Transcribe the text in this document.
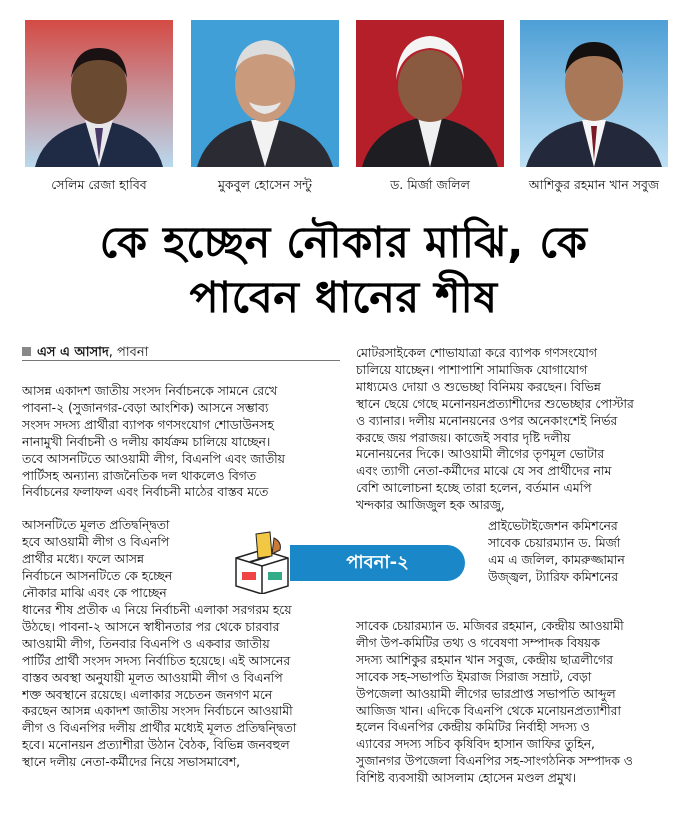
সেলিম রেজা হাবিব	মুকবুল হোসেন সন্টু	ড. মির্জা জলিল	আশিকুর রহমান খান সবুজ
কে হচ্ছেন নৌকার মাঝি, কে
পাবেন ধানের শীষ
এস এ আসাদ, পাবনা
আসন্ন একাদশ জাতীয় সংসদ নির্বাচনকে সামনে রেখে
পাবনা-২ (সুজানগর-বেড়া আংশিক) আসনে সম্ভাব্য
সংসদ সদস্য প্রার্থীরা ব্যাপক গণসংযোগ শোডাউনসহ
নানামুখী নির্বাচনী ও দলীয় কার্যক্রম চালিয়ে যাচ্ছেন।
তবে আসনটিতে আওয়ামী লীগ, বিএনপি এবং জাতীয়
পার্টিসহ অন্যান্য রাজনৈতিক দল থাকলেও বিগত
নির্বাচনের ফলাফল এবং নির্বাচনী মাঠের বাস্তব মতে
আসনটিতে মূলত প্রতিদ্বন্দ্বিতা
হবে আওয়ামী লীগ ও বিএনপি
প্রার্থীর মধ্যে। ফলে আসন্ন
নির্বাচনে আসনটিতে কে হচ্ছেন
নৌকার মাঝি এবং কে পাচ্ছেন
ধানের শীষ প্রতীক এ নিয়ে নির্বাচনী এলাকা সরগরম হয়ে
উঠছে। পাবনা-২ আসনে স্বাধীনতার পর থেকে চারবার
আওয়ামী লীগ, তিনবার বিএনপি ও একবার জাতীয়
পার্টির প্রার্থী সংসদ সদস্য নির্বাচিত হয়েছে। এই আসনের
বাস্তব অবস্থা অনুযায়ী মূলত আওয়ামী লীগ ও বিএনপি
শক্ত অবস্থানে রয়েছে। এলাকার সচেতন জনগণ মনে
করছেন আসন্ন একাদশ জাতীয় সংসদ নির্বাচনে আওয়ামী
লীগ ও বিএনপির দলীয় প্রার্থীর মধ্যেই মূলত প্রতিদ্বন্দ্বিতা
হবে। মনোনয়ন প্রত্যাশীরা উঠান বৈঠক, বিভিন্ন জনবহুল
স্থানে দলীয় নেতা-কর্মীদের নিয়ে সভাসমাবেশ,
মোটরসাইকেল শোভাযাত্রা করে ব্যাপক গণসংযোগ
চালিয়ে যাচ্ছেন। পাশাপাশি সামাজিক যোগাযোগ
মাধ্যমেও দোয়া ও শুভেচ্ছা বিনিময় করছেন। বিভিন্ন
স্থানে ছেয়ে গেছে মনোনয়নপ্রত্যাশীদের শুভেচ্ছার পোস্টার
ও ব্যানার। দলীয় মনোনয়নের ওপর অনেকাংশেই নির্ভর
করছে জয় পরাজয়। কাজেই সবার দৃষ্টি দলীয়
মনোনয়নের দিকে। আওয়ামী লীগের তৃণমূল ভোটার
এবং ত্যাগী নেতা-কর্মীদের মাঝে যে সব প্রার্থীদের নাম
বেশি আলোচনা হচ্ছে তারা হলেন, বর্তমান এমপি
খন্দকার আজিজুল হক আরজু,
প্রাইভেটাইজেশন কমিশনের
সাবেক চেয়ারম্যান ড. মির্জা
এম এ জলিল, কামরুজ্জামান
উজ্জ্বল, ট্যারিফ কমিশনের
সাবেক চেয়ারম্যান ড. মজিবর রহমান, কেন্দ্রীয় আওয়ামী
লীগ উপ-কমিটির তথ্য ও গবেষণা সম্পাদক বিষয়ক
সদস্য আশিকুর রহমান খান সবুজ, কেন্দ্রীয় ছাত্রলীগের
সাবেক সহ-সভাপতি ইমরাজ সিরাজ সম্রাট, বেড়া
উপজেলা আওয়ামী লীগের ভারপ্রাপ্ত সভাপতি আব্দুল
আজিজ খান। এদিকে বিএনপি থেকে মনোয়নপ্রত্যাশীরা
হলেন বিএনপির কেন্দ্রীয় কমিটির নির্বাহী সদস্য ও
এ্যাবের সদস্য সচিব কৃষিবিদ হাসান জাফির তুহিন,
সুজানগর উপজেলা বিএনপির সহ-সাংগঠনিক সম্পাদক ও
বিশিষ্ট ব্যবসায়ী আসলাম হোসেন মণ্ডল প্রমুখ।
পাবনা-২
